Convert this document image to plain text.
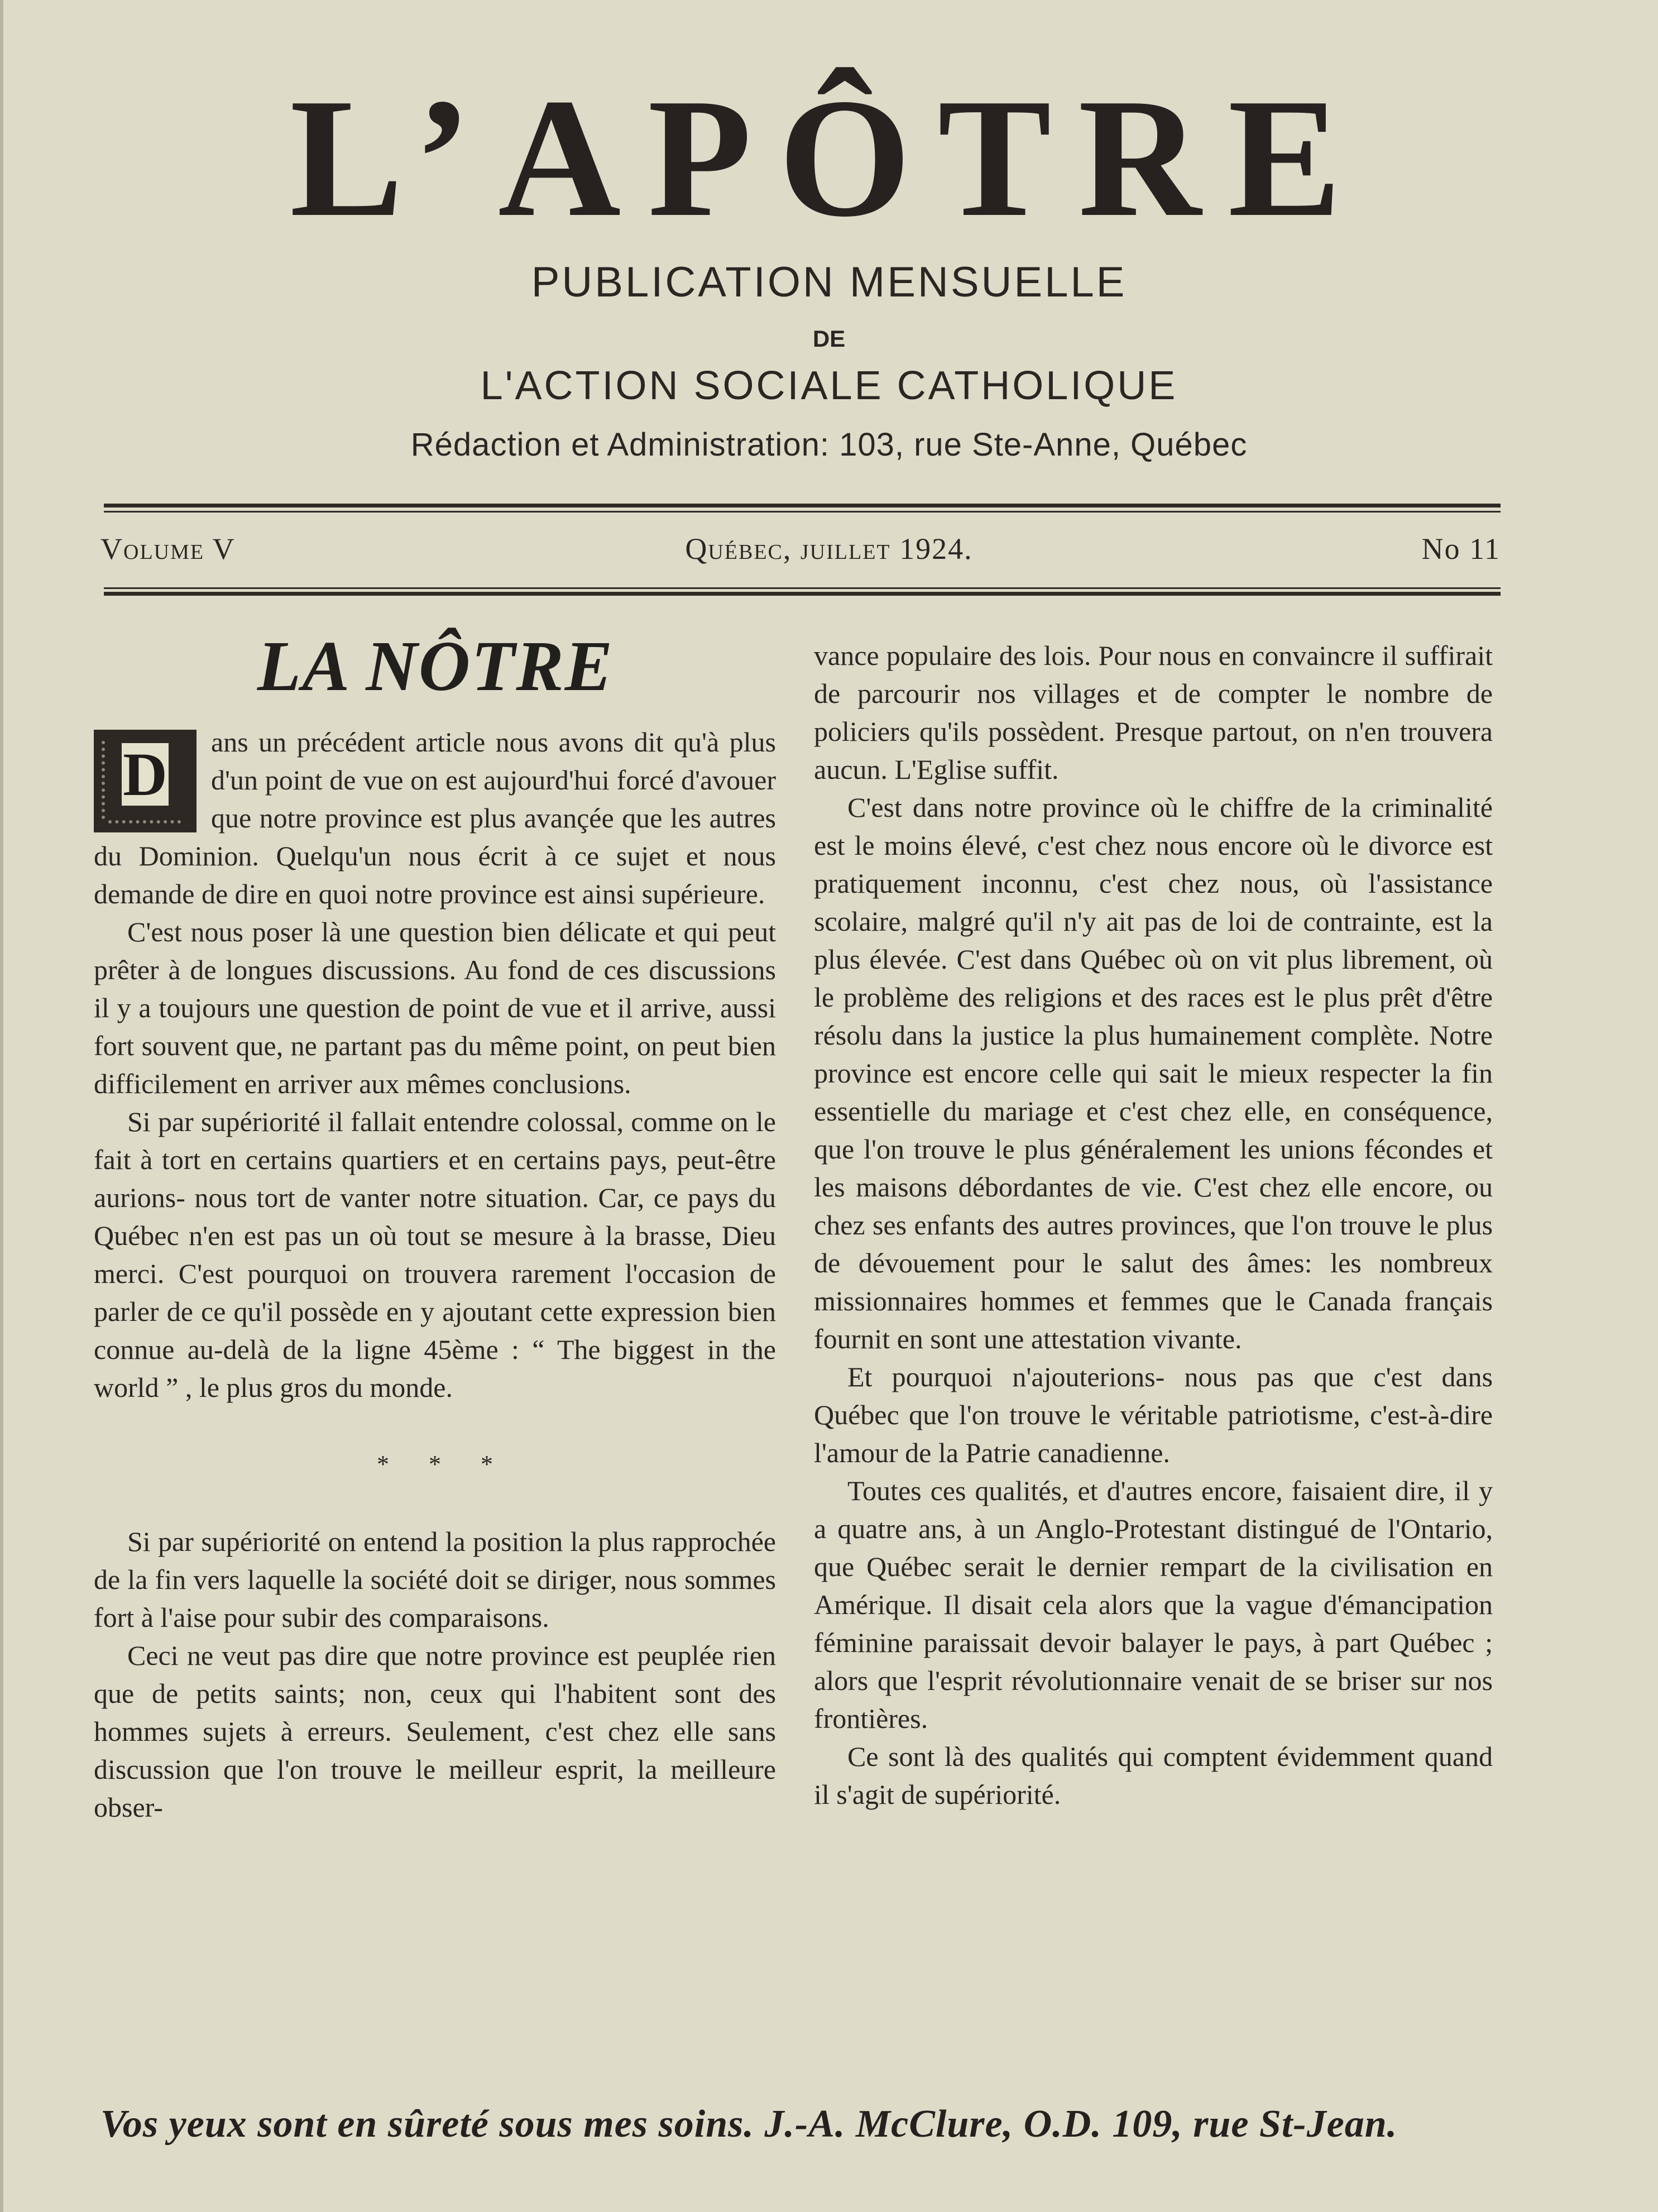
L’APÔTRE
PUBLICATION MENSUELLE
DE
L'ACTION SOCIALE CATHOLIQUE
Rédaction et Administration: 103, rue Ste-Anne, Québec
Volume V	Québec, juillet 1924.	No 11
LA NÔTRE

D ans un précédent article nous avons dit qu'à plus d'un point de vue on est aujourd'hui forcé d'avouer que notre province est plus avançée que les autres du Dominion. Quelqu'un nous écrit à ce sujet et nous demande de dire en quoi notre province est ainsi supérieure.

C'est nous poser là une question bien délicate et qui peut prêter à de longues discussions. Au fond de ces discussions il y a toujours une question de point de vue et il arrive, aussi fort souvent que, ne partant pas du même point, on peut bien difficilement en arriver aux mêmes conclusions.

Si par supériorité il fallait entendre colossal, comme on le fait à tort en certains quartiers et en certains pays, peut-être aurions- nous tort de vanter notre situation. Car, ce pays du Québec n'en est pas un où tout se mesure à la brasse, Dieu merci. C'est pourquoi on trouvera rarement l'occasion de parler de ce qu'il possède en y ajoutant cette expression bien connue au-delà de la ligne 45ème : “ The biggest in the world ” , le plus gros du monde.

* * *

Si par supériorité on entend la position la plus rapprochée de la fin vers laquelle la société doit se diriger, nous sommes fort à l'aise pour subir des comparaisons.

Ceci ne veut pas dire que notre province est peuplée rien que de petits saints; non, ceux qui l'habitent sont des hommes sujets à erreurs. Seulement, c'est chez elle sans discussion que l'on trouve le meilleur esprit, la meilleure obser-

vance populaire des lois. Pour nous en convaincre il suffirait de parcourir nos villages et de compter le nombre de policiers qu'ils possèdent. Presque partout, on n'en trouvera aucun. L'Eglise suffit.

C'est dans notre province où le chiffre de la criminalité est le moins élevé, c'est chez nous encore où le divorce est pratiquement inconnu, c'est chez nous, où l'assistance scolaire, malgré qu'il n'y ait pas de loi de contrainte, est la plus élevée. C'est dans Québec où on vit plus librement, où le problème des religions et des races est le plus prêt d'être résolu dans la justice la plus humainement complète. Notre province est encore celle qui sait le mieux respecter la fin essentielle du mariage et c'est chez elle, en conséquence, que l'on trouve le plus généralement les unions fécondes et les maisons débordantes de vie. C'est chez elle encore, ou chez ses enfants des autres provinces, que l'on trouve le plus de dévouement pour le salut des âmes: les nombreux missionnaires hommes et femmes que le Canada français fournit en sont une attestation vivante.

Et pourquoi n'ajouterions- nous pas que c'est dans Québec que l'on trouve le véritable patriotisme, c'est-à-dire l'amour de la Patrie canadienne.

Toutes ces qualités, et d'autres encore, faisaient dire, il y a quatre ans, à un Anglo-Protestant distingué de l'Ontario, que Québec serait le dernier rempart de la civilisation en Amérique. Il disait cela alors que la vague d'émancipation féminine paraissait devoir balayer le pays, à part Québec ; alors que l'esprit révolutionnaire venait de se briser sur nos frontières.

Ce sont là des qualités qui comptent évidemment quand il s'agit de supériorité.

Vos yeux sont en sûreté sous mes soins. J.-A. McClure, O.D. 109, rue St-Jean.
